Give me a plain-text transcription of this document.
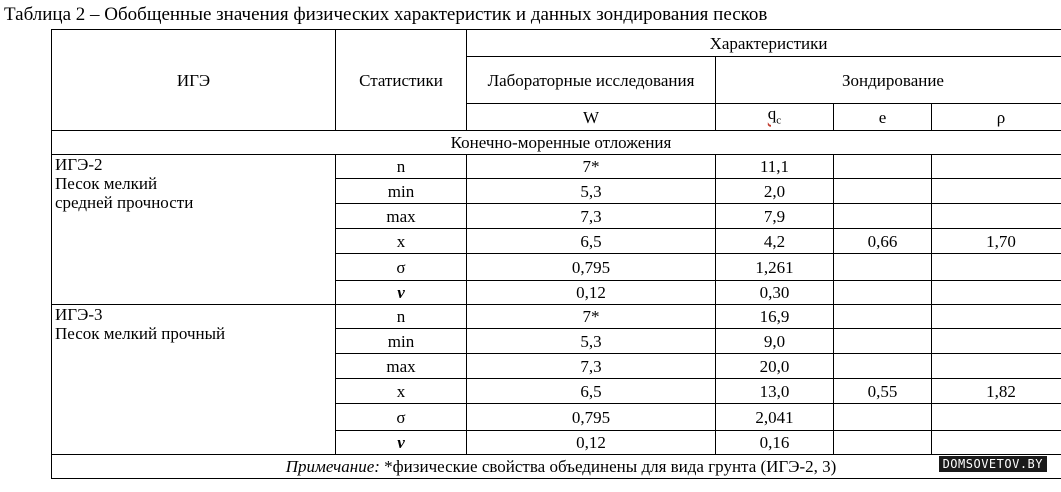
Таблица 2 – Обобщенные значения физических характеристик и данных зондирования песков
ИГЭ	Статистики	Характеристики			
		Лабораторные исследования	Зондирование		
		W	$q_c$	e	ρ
Конечно-моренные отложения					

ИГЭ-2
Песок мелкий
средней прочности	n	7*	11,1		
	min	5,3	2,0		
	max	7,3	7,9		
	x	6,5	4,2	0,66	1,70
	σ	0,795	1,261		
	v	0,12	0,30		

ИГЭ-3
Песок мелкий прочный	n	7*	16,9		
	min	5,3	9,0		
	max	7,3	20,0		
	x	6,5	13,0	0,55	1,82
	σ	0,795	2,041		
	v	0,12	0,16		
Примечание: *физические свойства объединены для вида грунта (ИГЭ-2, 3)						DOMSOVETOV.BY
